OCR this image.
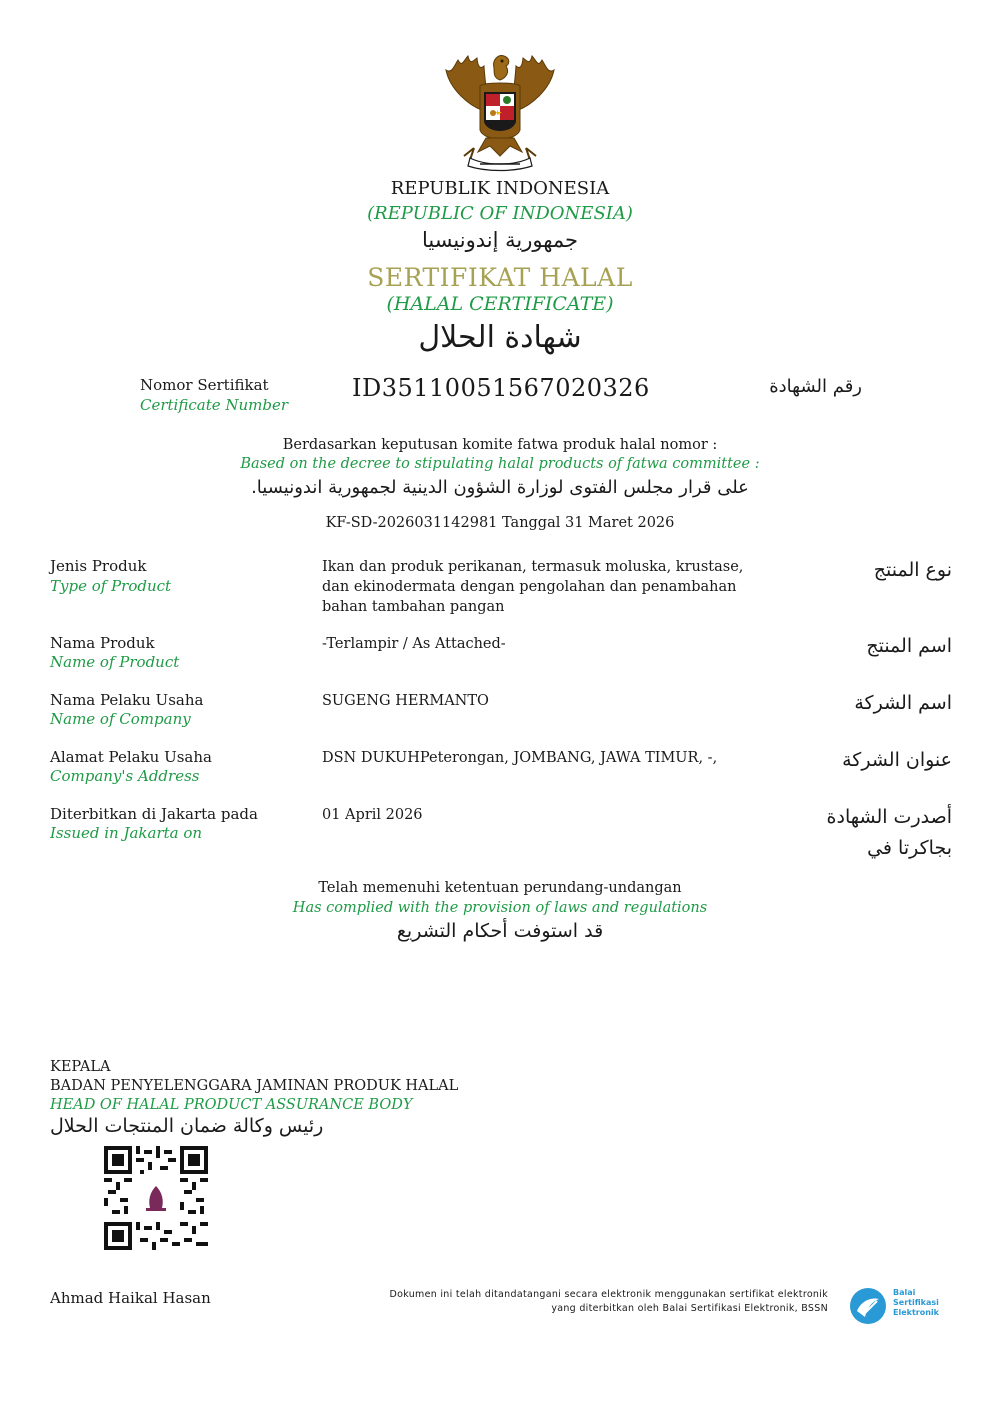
REPUBLIK INDONESIA
(REPUBLIC OF INDONESIA)
جمهورية إندونيسيا
SERTIFIKAT HALAL
(HALAL CERTIFICATE)
شهادة الحلال
Nomor Sertifikat
Certificate Number
ID35110051567020326	رقم الشهادة
Berdasarkan keputusan komite fatwa produk halal nomor :
Based on the decree to stipulating halal products of fatwa committee :
على قرار مجلس الفتوى لوزارة الشؤون الدينية لجمهورية اندونيسيا.
KF-SD-2026031142981 Tanggal 31 Maret 2026
Jenis Produk
Type of Product
Ikan dan produk perikanan, termasuk moluska, krustase, dan ekinodermata dengan pengolahan dan penambahan bahan tambahan pangan
نوع المنتج
Nama Produk
Name of Product
-Terlampir / As Attached-	اسم المنتج
Nama Pelaku Usaha
Name of Company
SUGENG HERMANTO	اسم الشركة
Alamat Pelaku Usaha
Company's Address
DSN DUKUHPeterongan, JOMBANG, JAWA TIMUR, -,	عنوان الشركة
Diterbitkan di Jakarta pada
Issued in Jakarta on
01 April 2026	أصدرت الشهادة بجاكرتا في
Telah memenuhi ketentuan perundang-undangan
Has complied with the provision of laws and regulations
قد استوفت أحكام التشريع
KEPALA
BADAN PENYELENGGARA JAMINAN PRODUK HALAL
HEAD OF HALAL PRODUCT ASSURANCE BODY
رئيس وكالة ضمان المنتجات الحلال
Ahmad Haikal Hasan	Dokumen ini telah ditandatangani secara elektronik menggunakan sertifikat elektronik
yang diterbitkan oleh Balai Sertifikasi Elektronik, BSSN
Balai
Sertifikasi
Elektronik
